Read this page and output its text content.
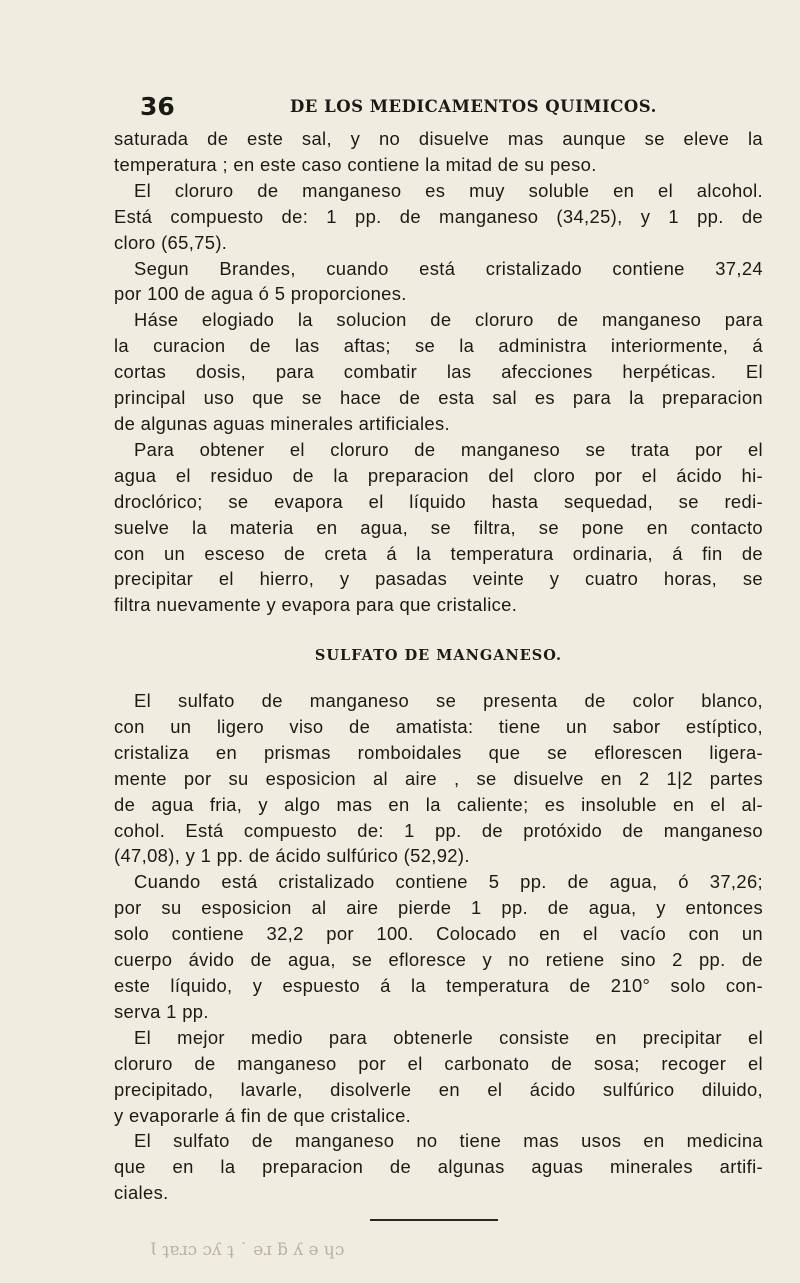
36	DE LOS MEDICAMENTOS QUIMICOS.
saturada de este sal, y no disuelve mas aunque se eleve la
temperatura ; en este caso contiene la mitad de su peso.
El cloruro de manganeso es muy soluble en el alcohol.
Está compuesto de: 1 pp. de manganeso (34,25), y 1 pp. de
cloro (65,75).
Segun Brandes, cuando está cristalizado contiene 37,24
por 100 de agua ó 5 proporciones.
Háse elogiado la solucion de cloruro de manganeso para
la curacion de las aftas; se la administra interiormente, á
cortas dosis, para combatir las afecciones herpéticas. El
principal uso que se hace de esta sal es para la preparacion
de algunas aguas minerales artificiales.
Para obtener el cloruro de manganeso se trata por el
agua el residuo de la preparacion del cloro por el ácido hi-
droclórico; se evapora el líquido hasta sequedad, se redi-
suelve la materia en agua, se filtra, se pone en contacto
con un esceso de creta á la temperatura ordinaria, á fin de
precipitar el hierro, y pasadas veinte y cuatro horas, se
filtra nuevamente y evapora para que cristalice.
SULFATO DE MANGANESO.
El sulfato de manganeso se presenta de color blanco,
con un ligero viso de amatista: tiene un sabor estíptico,
cristaliza en prismas romboidales que se eflorescen ligera-
mente por su esposicion al aire , se disuelve en 2 1|2 partes
de agua fria, y algo mas en la caliente; es insoluble en el al-
cohol. Está compuesto de: 1 pp. de protóxido de manganeso
(47,08), y 1 pp. de ácido sulfúrico (52,92).
Cuando está cristalizado contiene 5 pp. de agua, ó 37,26;
por su esposicion al aire pierde 1 pp. de agua, y entonces
solo contiene 32,2 por 100. Colocado en el vacío con un
cuerpo ávido de agua, se efloresce y no retiene sino 2 pp. de
este líquido, y espuesto á la temperatura de 210° solo con-
serva 1 pp.
El mejor medio para obtenerle consiste en precipitar el
cloruro de manganeso por el carbonato de sosa; recoger el
precipitado, lavarle, disolverle en el ácido sulfúrico diluido,
y evaporarle á fin de que cristalice.
El sulfato de manganeso no tiene mas usos en medicina
que en la preparacion de algunas aguas minerales artifi-
ciales.
Ɩ ʇɐɹɔ ɔʎ ʇ ˙ ǝɹ ƃ ʎ ǝ ɥɔ
